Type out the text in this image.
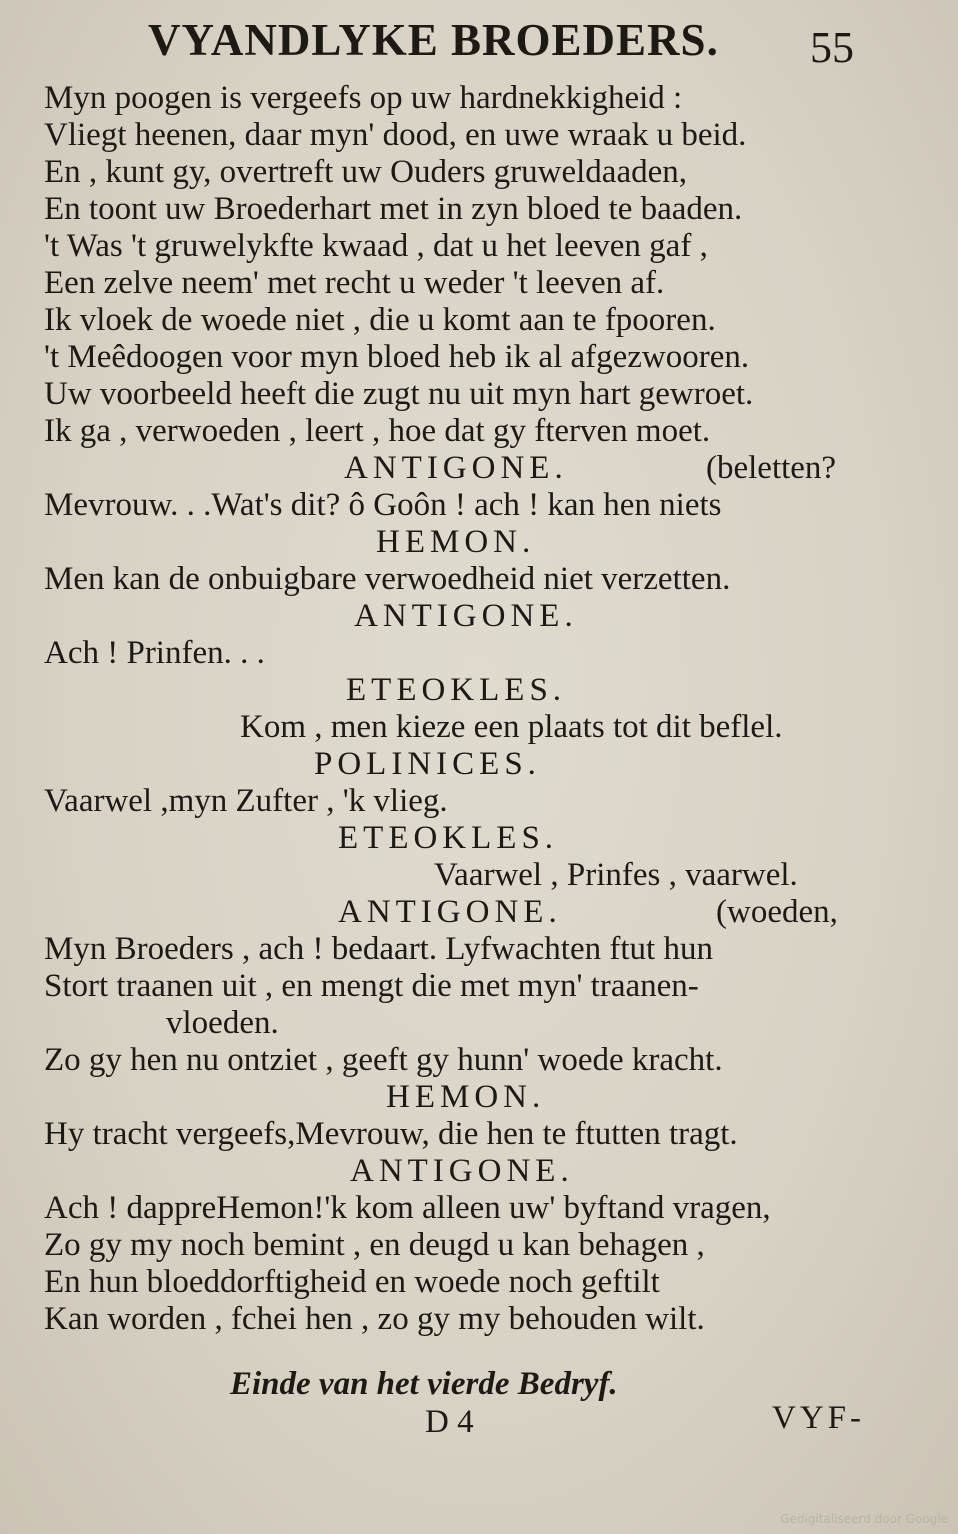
VYANDLYKE BROEDERS. 55
Myn poogen is vergeefs op uw hardnekkigheid :
Vliegt heenen, daar myn' dood, en uwe wraak u beid.
En , kunt gy, overtreft uw Ouders gruweldaaden,
En toont uw Broederhart met in zyn bloed te baaden.
't Was 't gruwelykfte kwaad , dat u het leeven gaf ,
Een zelve neem' met recht u weder 't leeven af.
Ik vloek de woede niet , die u komt aan te fpooren.
't Meêdoogen voor myn bloed heb ik al afgezwooren.
Uw voorbeeld heeft die zugt nu uit myn hart gewroet.
Ik ga , verwoeden , leert , hoe dat gy fterven moet.
ANTIGONE.	(beletten?
Mevrouw. . .Wat's dit? ô Goôn ! ach ! kan hen niets
HEMON.
Men kan de onbuigbare verwoedheid niet verzetten.
ANTIGONE.
Ach ! Prinfen. . .
ETEOKLES.
Kom , men kieze een plaats tot dit beflel.
POLINICES.
Vaarwel ,myn Zufter , 'k vlieg.
ETEOKLES.
Vaarwel , Prinfes , vaarwel.
ANTIGONE.	(woeden,
Myn Broeders , ach ! bedaart. Lyfwachten ftut hun
Stort traanen uit , en mengt die met myn' traanen-
vloeden.
Zo gy hen nu ontziet , geeft gy hunn' woede kracht.
HEMON.
Hy tracht vergeefs,Mevrouw, die hen te ftutten tragt.
ANTIGONE.
Ach ! dappreHemon!'k kom alleen uw' byftand vragen,
Zo gy my noch bemint , en deugd u kan behagen ,
En hun bloeddorftigheid en woede noch geftilt
Kan worden , fchei hen , zo gy my behouden wilt.
Einde van het vierde Bedryf.
D 4	VYF-
Gedigitaliseerd door Google
